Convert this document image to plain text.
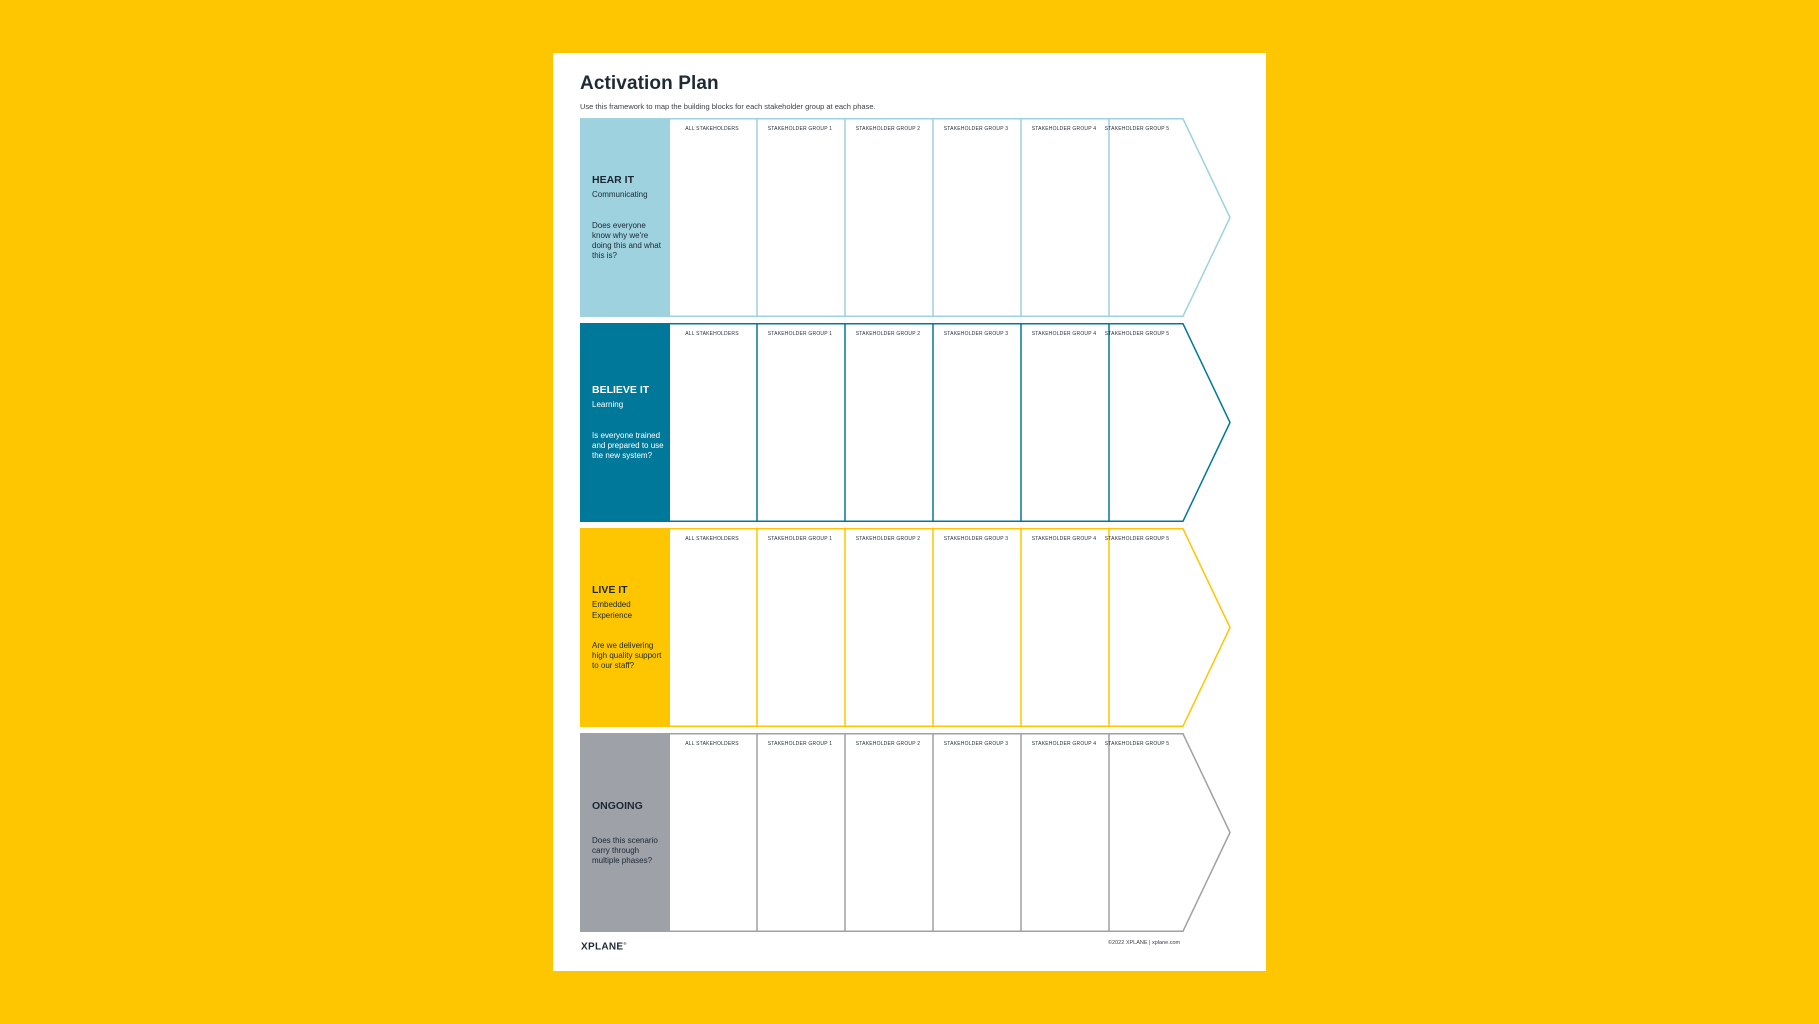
Activation Plan
Use this framework to map the building blocks for each stakeholder group at each phase.
HEAR IT
Communicating
Does everyone know why we're doing this and what this is?
ALL STAKEHOLDERS	STAKEHOLDER GROUP 1	STAKEHOLDER GROUP 2	STAKEHOLDER GROUP 3	STAKEHOLDER GROUP 4	STAKEHOLDER GROUP 5
BELIEVE IT
Learning
Is everyone trained and prepared to use the new system?
ALL STAKEHOLDERS	STAKEHOLDER GROUP 1	STAKEHOLDER GROUP 2	STAKEHOLDER GROUP 3	STAKEHOLDER GROUP 4	STAKEHOLDER GROUP 5
LIVE IT
Embedded Experience
Are we delivering high quality support to our staff?
ALL STAKEHOLDERS	STAKEHOLDER GROUP 1	STAKEHOLDER GROUP 2	STAKEHOLDER GROUP 3	STAKEHOLDER GROUP 4	STAKEHOLDER GROUP 5
ONGOING
Does this scenario carry through multiple phases?
ALL STAKEHOLDERS	STAKEHOLDER GROUP 1	STAKEHOLDER GROUP 2	STAKEHOLDER GROUP 3	STAKEHOLDER GROUP 4	STAKEHOLDER GROUP 5
XPLANE®	©2022 XPLANE | xplane.com
